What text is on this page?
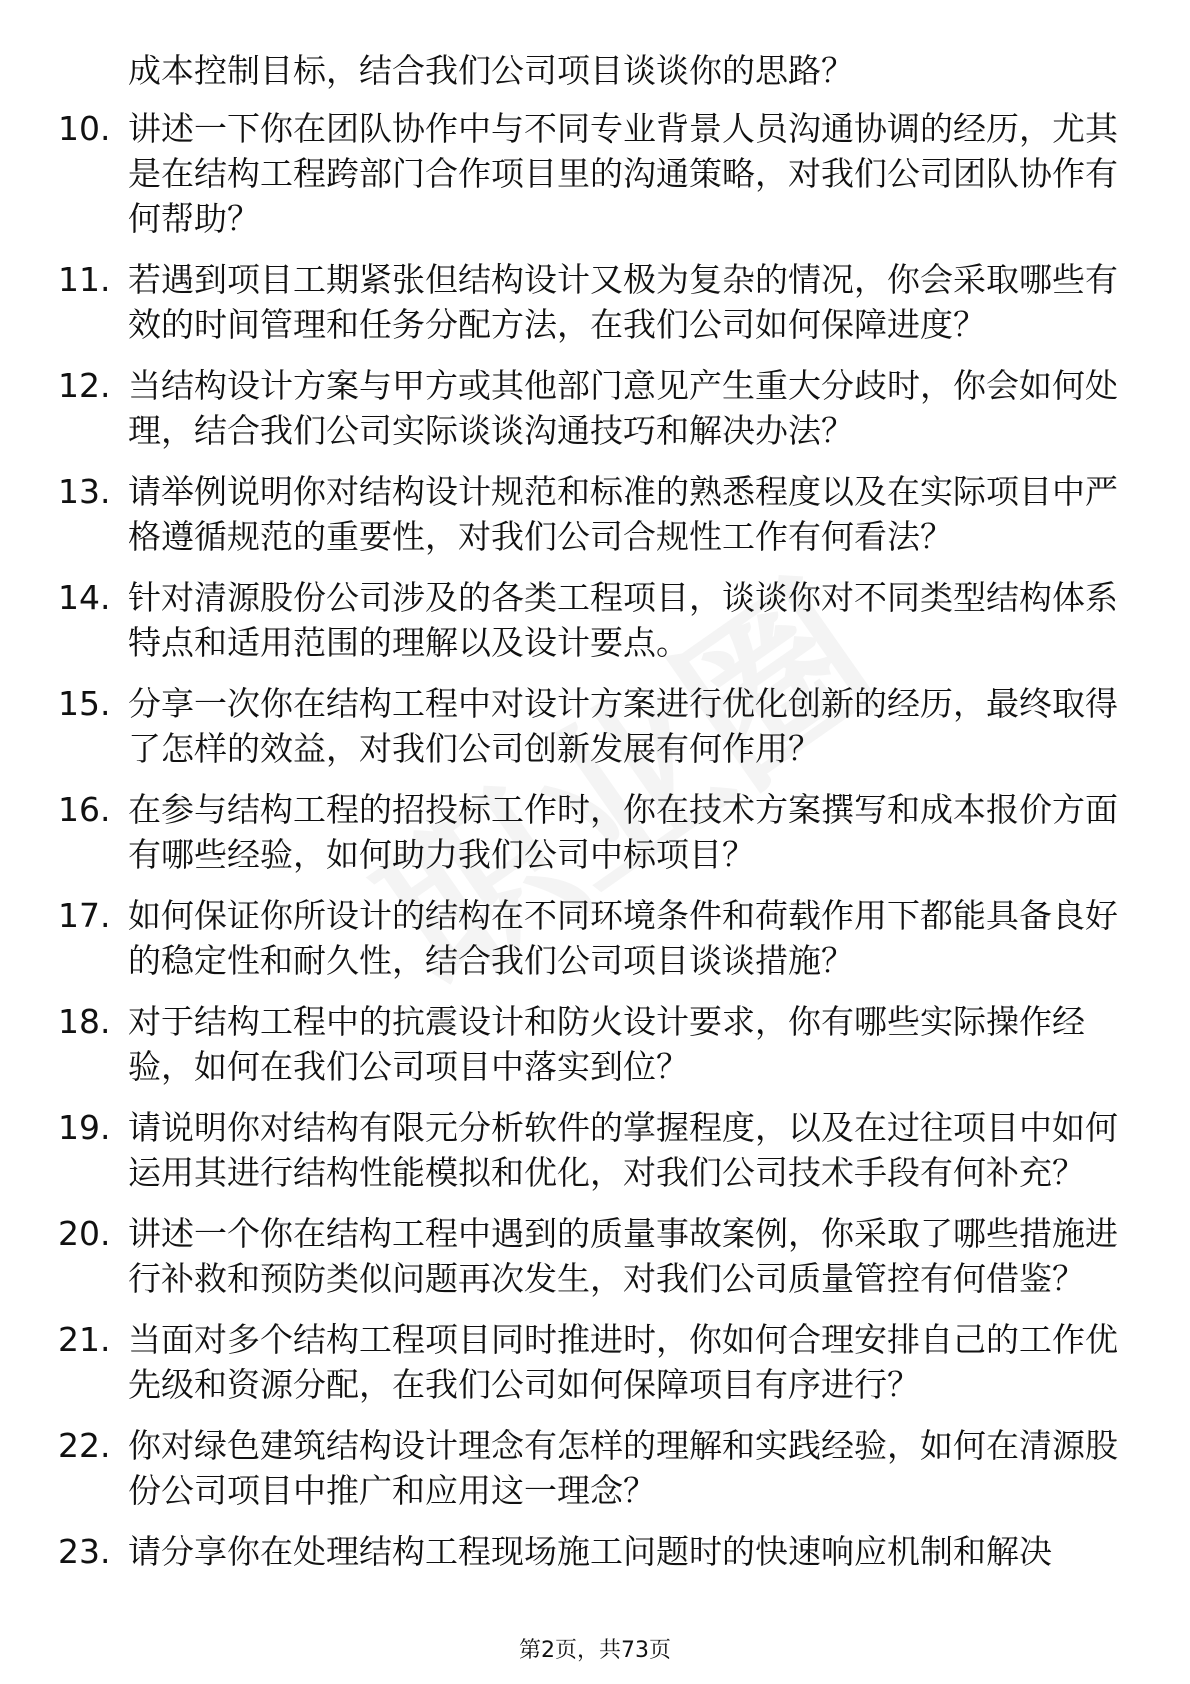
成本控制目标，结合我们公司项目谈谈你的思路？

10. 讲述一下你在团队协作中与不同专业背景人员沟通协调的经历，尤其是在结构工程跨部门合作项目里的沟通策略，对我们公司团队协作有何帮助？
11. 若遇到项目工期紧张但结构设计又极为复杂的情况，你会采取哪些有效的时间管理和任务分配方法，在我们公司如何保障进度？
12. 当结构设计方案与甲方或其他部门意见产生重大分歧时，你会如何处理，结合我们公司实际谈谈沟通技巧和解决办法？
13. 请举例说明你对结构设计规范和标准的熟悉程度以及在实际项目中严格遵循规范的重要性，对我们公司合规性工作有何看法？
14. 针对清源股份公司涉及的各类工程项目，谈谈你对不同类型结构体系特点和适用范围的理解以及设计要点。
15. 分享一次你在结构工程中对设计方案进行优化创新的经历，最终取得了怎样的效益，对我们公司创新发展有何作用？
16. 在参与结构工程的招投标工作时，你在技术方案撰写和成本报价方面有哪些经验，如何助力我们公司中标项目？
17. 如何保证你所设计的结构在不同环境条件和荷载作用下都能具备良好的稳定性和耐久性，结合我们公司项目谈谈措施？
18. 对于结构工程中的抗震设计和防火设计要求，你有哪些实际操作经验，如何在我们公司项目中落实到位？
19. 请说明你对结构有限元分析软件的掌握程度，以及在过往项目中如何运用其进行结构性能模拟和优化，对我们公司技术手段有何补充？
20. 讲述一个你在结构工程中遇到的质量事故案例，你采取了哪些措施进行补救和预防类似问题再次发生，对我们公司质量管控有何借鉴？
21. 当面对多个结构工程项目同时推进时，你如何合理安排自己的工作优先级和资源分配，在我们公司如何保障项目有序进行？
22. 你对绿色建筑结构设计理念有怎样的理解和实践经验，如何在清源股份公司项目中推广和应用这一理念？
23. 请分享你在处理结构工程现场施工问题时的快速响应机制和解决
第2页，共73页
